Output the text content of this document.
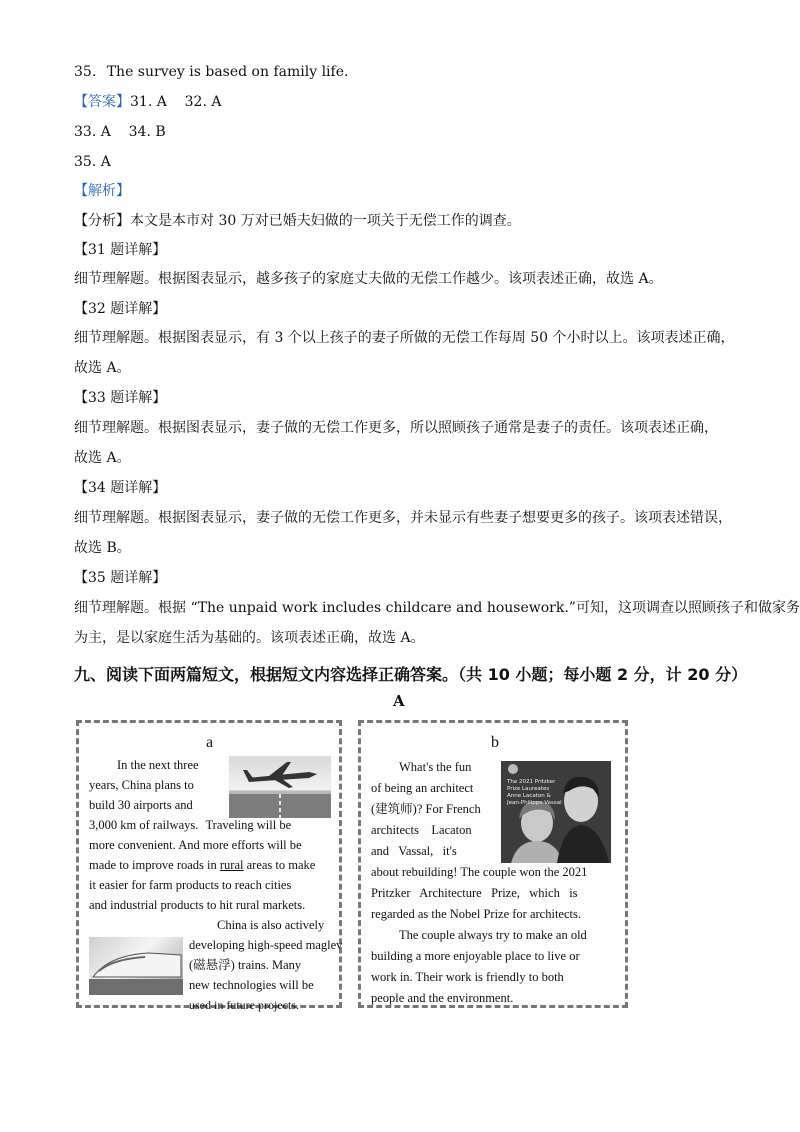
35. The survey is based on family life.
【答案】31. A    32. A
33. A    34. B
35. A
【解析】
【分析】本文是本市对 30 万对已婚夫妇做的一项关于无偿工作的调查。
【31 题详解】
细节理解题。根据图表显示，越多孩子的家庭丈夫做的无偿工作越少。该项表述正确，故选 A。
【32 题详解】
细节理解题。根据图表显示，有 3 个以上孩子的妻子所做的无偿工作每周 50 个小时以上。该项表述正确，
故选 A。
【33 题详解】
细节理解题。根据图表显示，妻子做的无偿工作更多，所以照顾孩子通常是妻子的责任。该项表述正确，
故选 A。
【34 题详解】
细节理解题。根据图表显示，妻子做的无偿工作更多，并未显示有些妻子想要更多的孩子。该项表述错误，
故选 B。
【35 题详解】
细节理解题。根据 “The unpaid work includes childcare and housework.”可知，这项调查以照顾孩子和做家务
为主，是以家庭生活为基础的。该项表述正确，故选 A。
九、阅读下面两篇短文，根据短文内容选择正确答案。（共 10 小题；每小题 2 分，计 20 分）
A
a
In the next three
years, China plans to
build 30 airports and
3,000 km of railways. Traveling will be
more convenient. And more efforts will be
made to improve roads in rural areas to make
it easier for farm products to reach cities
and industrial products to hit rural markets.
China is also actively
developing high-speed maglev
(磁悬浮) trains. Many
new technologies will be
used in future projects.
b
The 2021 Pritzker
Prize Laureates
Anne Lacaton &
Jean-Philippe Vassal
What's the fun
of being an architect
(建筑师)? For French
architects    Lacaton
and   Vassal,   it's
about rebuilding! The couple won the 2021
Pritzker   Architecture   Prize,   which   is
regarded as the Nobel Prize for architects.
The couple always try to make an old
building a more enjoyable place to live or
work in. Their work is friendly to both
people and the environment.
